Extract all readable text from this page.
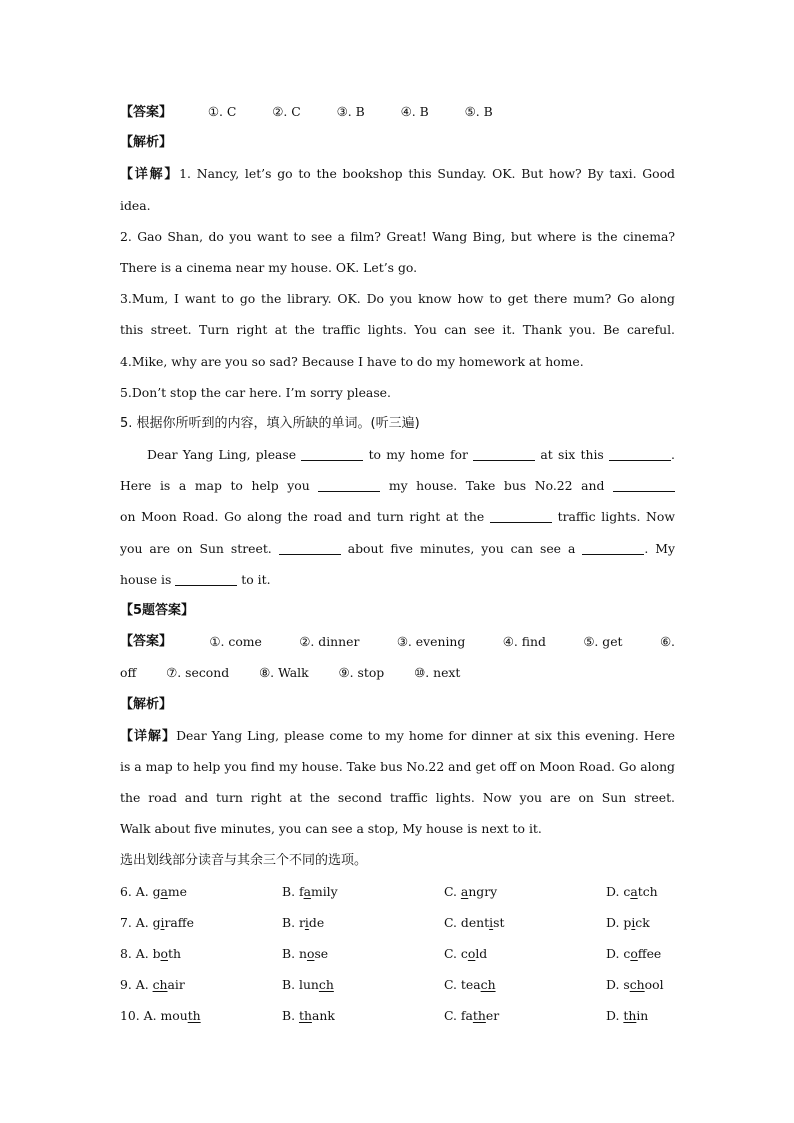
【答案】	①. C	②. C	③. B	④. B	⑤. B
【解析】
【详解】1. Nancy, let’s go to the bookshop this Sunday. OK. But how? By taxi. Good
idea.
2. Gao Shan, do you want to see a film? Great! Wang Bing, but where is the cinema?
There is a cinema near my house. OK. Let’s go.
3.Mum, I want to go the library. OK. Do you know how to get there mum? Go along
this street. Turn right at the traffic lights. You can see it. Thank you. Be careful.
4.Mike, why are you so sad? Because I have to do my homework at home.
5.Don’t stop the car here. I’m sorry please.
5. 根据你所听到的内容，填入所缺的单词。(听三遍)
Dear Yang Ling, please	to my home for	at six this	.
Here is a map to help you	my house. Take bus No.22 and
on Moon Road. Go along the road and turn right at the	traffic lights. Now
you are on Sun street.	about five minutes, you can see a	. My
house is	to it.
【5题答案】
【答案】	①. come	②. dinner	③. evening	④. find	⑤. get	⑥.
off ⑦. second ⑧. Walk ⑨. stop ⑩. next
【解析】
【详解】Dear Yang Ling, please come to my home for dinner at six this evening. Here
is a map to help you find my house. Take bus No.22 and get off on Moon Road. Go along
the road and turn right at the second traffic lights. Now you are on Sun street.
Walk about five minutes, you can see a stop, My house is next to it.
选出划线部分读音与其余三个不同的选项。
6. A. game	B. family	C. angry	D. catch
7. A. giraffe	B. ride	C. dentist	D. pick
8. A. both	B. nose	C. cold	D. coffee
9. A. chair	B. lunch	C. teach	D. school
10. A. mouth	B. thank	C. father	D. thin
